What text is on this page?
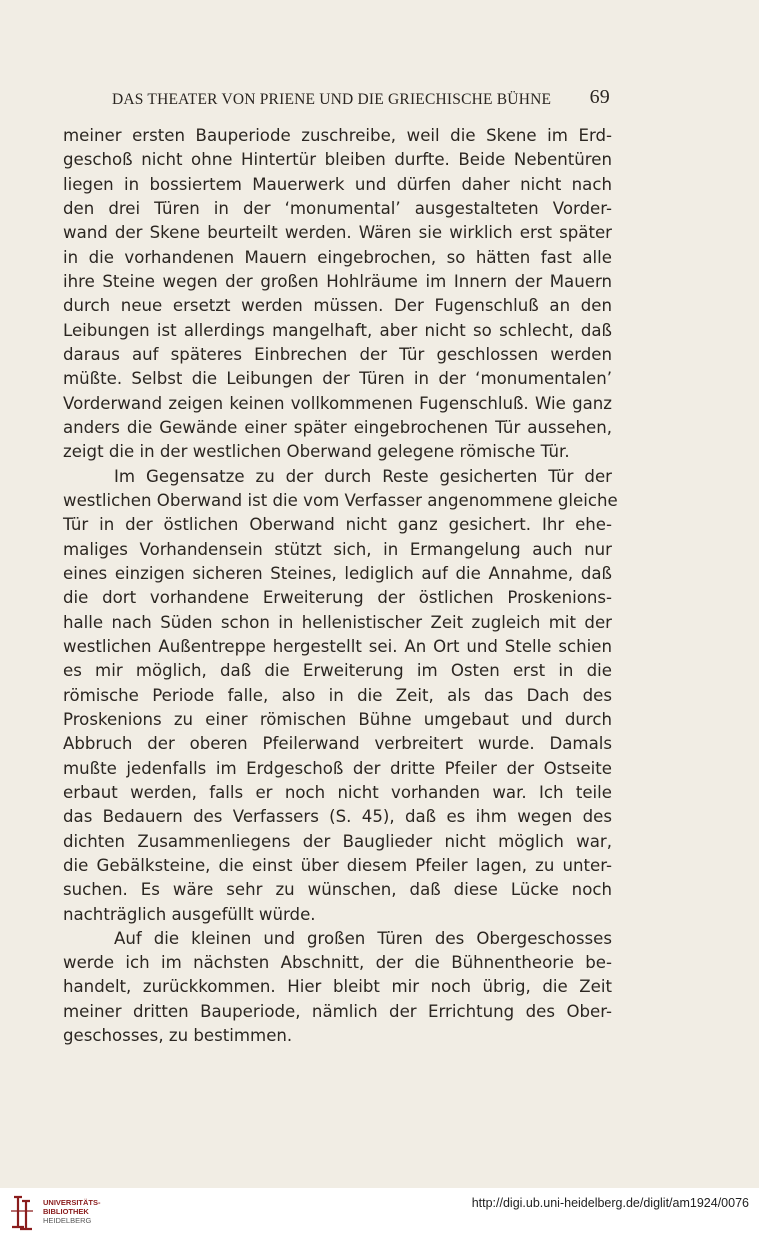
DAS THEATER VON PRIENE UND DIE GRIECHISCHE BÜHNE 69
meiner ersten Bauperiode zuschreibe, weil die Skene im Erd-
geschoß nicht ohne Hintertür bleiben durfte. Beide Nebentüren
liegen in bossiertem Mauerwerk und dürfen daher nicht nach
den drei Türen in der ‘monumental’ ausgestalteten Vorder-
wand der Skene beurteilt werden. Wären sie wirklich erst später
in die vorhandenen Mauern eingebrochen, so hätten fast alle
ihre Steine wegen der großen Hohlräume im Innern der Mauern
durch neue ersetzt werden müssen. Der Fugenschluß an den
Leibungen ist allerdings mangelhaft, aber nicht so schlecht, daß
daraus auf späteres Einbrechen der Tür geschlossen werden
müßte. Selbst die Leibungen der Türen in der ‘monumentalen’
Vorderwand zeigen keinen vollkommenen Fugenschluß. Wie ganz
anders die Gewände einer später eingebrochenen Tür aussehen,
zeigt die in der westlichen Oberwand gelegene römische Tür.
Im Gegensatze zu der durch Reste gesicherten Tür der
westlichen Oberwand ist die vom Verfasser angenommene gleiche
Tür in der östlichen Oberwand nicht ganz gesichert. Ihr ehe-
maliges Vorhandensein stützt sich, in Ermangelung auch nur
eines einzigen sicheren Steines, lediglich auf die Annahme, daß
die dort vorhandene Erweiterung der östlichen Proskenions-
halle nach Süden schon in hellenistischer Zeit zugleich mit der
westlichen Außentreppe hergestellt sei. An Ort und Stelle schien
es mir möglich, daß die Erweiterung im Osten erst in die
römische Periode falle, also in die Zeit, als das Dach des
Proskenions zu einer römischen Bühne umgebaut und durch
Abbruch der oberen Pfeilerwand verbreitert wurde. Damals
mußte jedenfalls im Erdgeschoß der dritte Pfeiler der Ostseite
erbaut werden, falls er noch nicht vorhanden war. Ich teile
das Bedauern des Verfassers (S. 45), daß es ihm wegen des
dichten Zusammenliegens der Bauglieder nicht möglich war,
die Gebälksteine, die einst über diesem Pfeiler lagen, zu unter-
suchen. Es wäre sehr zu wünschen, daß diese Lücke noch
nachträglich ausgefüllt würde.
Auf die kleinen und großen Türen des Obergeschosses
werde ich im nächsten Abschnitt, der die Bühnentheorie be-
handelt, zurückkommen. Hier bleibt mir noch übrig, die Zeit
meiner dritten Bauperiode, nämlich der Errichtung des Ober-
geschosses, zu bestimmen.
UNIVERSITÄTS-
BIBLIOTHEK
HEIDELBERG
http://digi.ub.uni-heidelberg.de/diglit/am1924/0076
